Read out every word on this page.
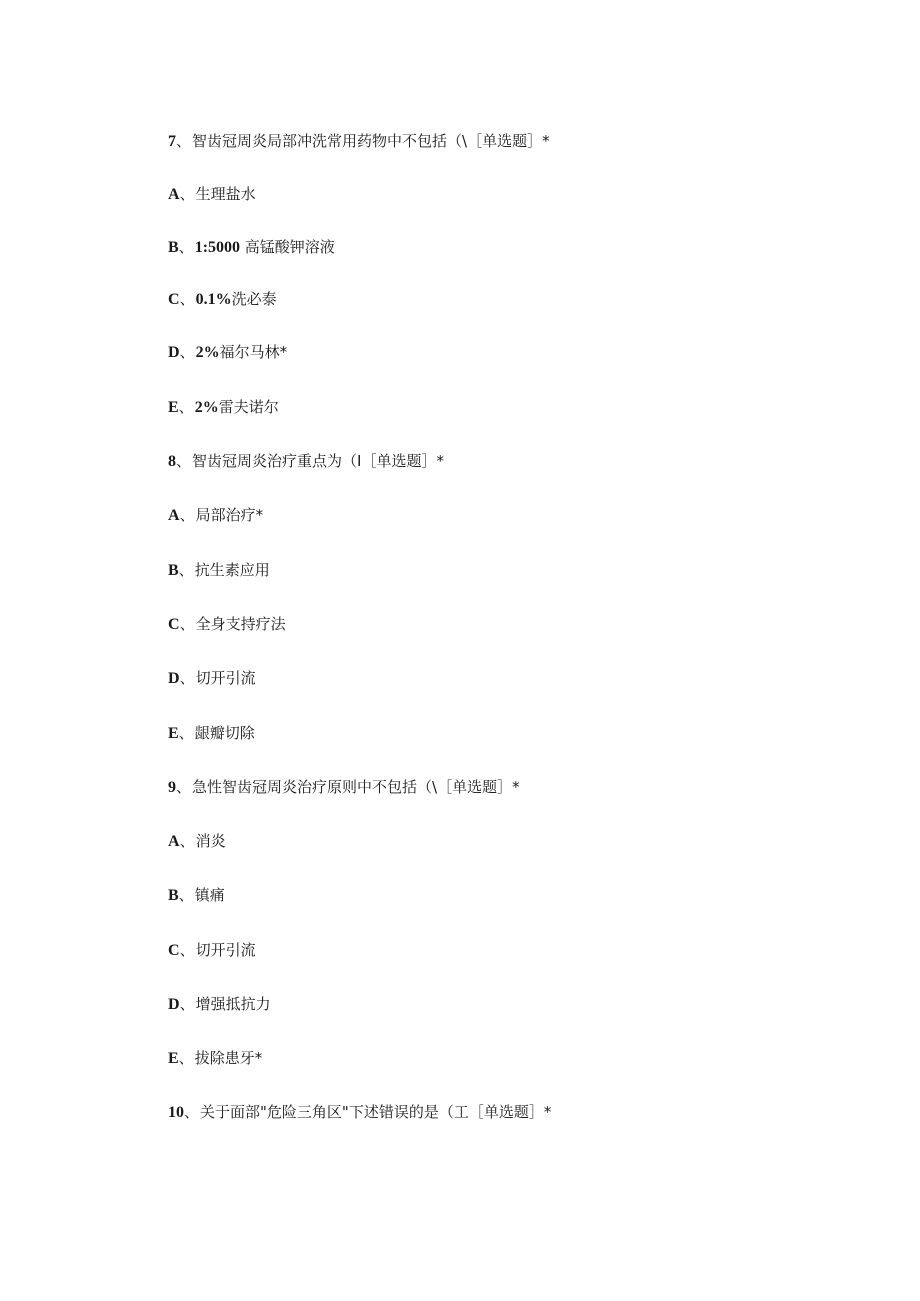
7、智齿冠周炎局部冲洗常用药物中不包括（\［单选题］*
A、生理盐水
B、1:5000 高锰酸钾溶液
C、0.1%洗必泰
D、2%福尔马林*
E、2%雷夫诺尔
8、智齿冠周炎治疗重点为（I［单选题］*
A、局部治疗*
B、抗生素应用
C、全身支持疗法
D、切开引流
E、龈瓣切除
9、急性智齿冠周炎治疗原则中不包括（\［单选题］*
A、消炎
B、镇痛
C、切开引流
D、增强抵抗力
E、拔除患牙*
10、关于面部"危险三角区"下述错误的是（工［单选题］*
